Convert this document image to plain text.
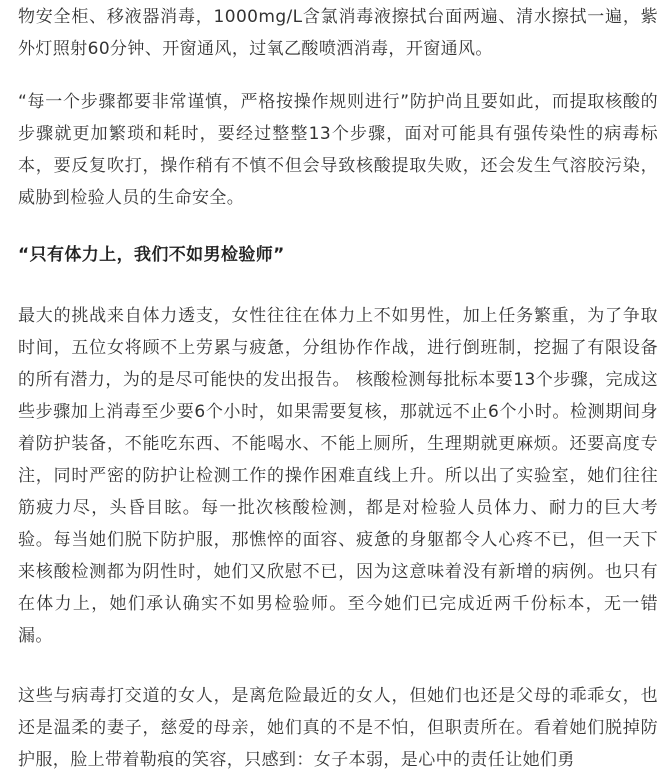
物安全柜、移液器消毒，1000mg/L含氯消毒液擦拭台面两遍、清水擦拭一遍，紫外灯照射60分钟、开窗通风，过氧乙酸喷洒消毒，开窗通风。

“每一个步骤都要非常谨慎，严格按操作规则进行”防护尚且要如此，而提取核酸的步骤就更加繁琐和耗时，要经过整整13个步骤，面对可能具有强传染性的病毒标本，要反复吹打，操作稍有不慎不但会导致核酸提取失败，还会发生气溶胶污染，威胁到检验人员的生命安全。

“只有体力上，我们不如男检验师”

最大的挑战来自体力透支，女性往往在体力上不如男性，加上任务繁重，为了争取时间，五位女将顾不上劳累与疲惫，分组协作作战，进行倒班制，挖掘了有限设备的所有潜力，为的是尽可能快的发出报告。 核酸检测每批标本要13个步骤，完成这些步骤加上消毒至少要6个小时，如果需要复核，那就远不止6个小时。检测期间身着防护装备，不能吃东西、不能喝水、不能上厕所，生理期就更麻烦。还要高度专注，同时严密的防护让检测工作的操作困难直线上升。所以出了实验室，她们往往筋疲力尽，头昏目眩。每一批次核酸检测，都是对检验人员体力、耐力的巨大考验。每当她们脱下防护服，那憔悴的面容、疲惫的身躯都令人心疼不已，但一天下来核酸检测都为阴性时，她们又欣慰不已，因为这意味着没有新增的病例。也只有在体力上，她们承认确实不如男检验师。至今她们已完成近两千份标本，无一错漏。

这些与病毒打交道的女人，是离危险最近的女人，但她们也还是父母的乖乖女，也还是温柔的妻子，慈爱的母亲，她们真的不是不怕，但职责所在。看着她们脱掉防护服，脸上带着勒痕的笑容，只感到：女子本弱，是心中的责任让她们勇
